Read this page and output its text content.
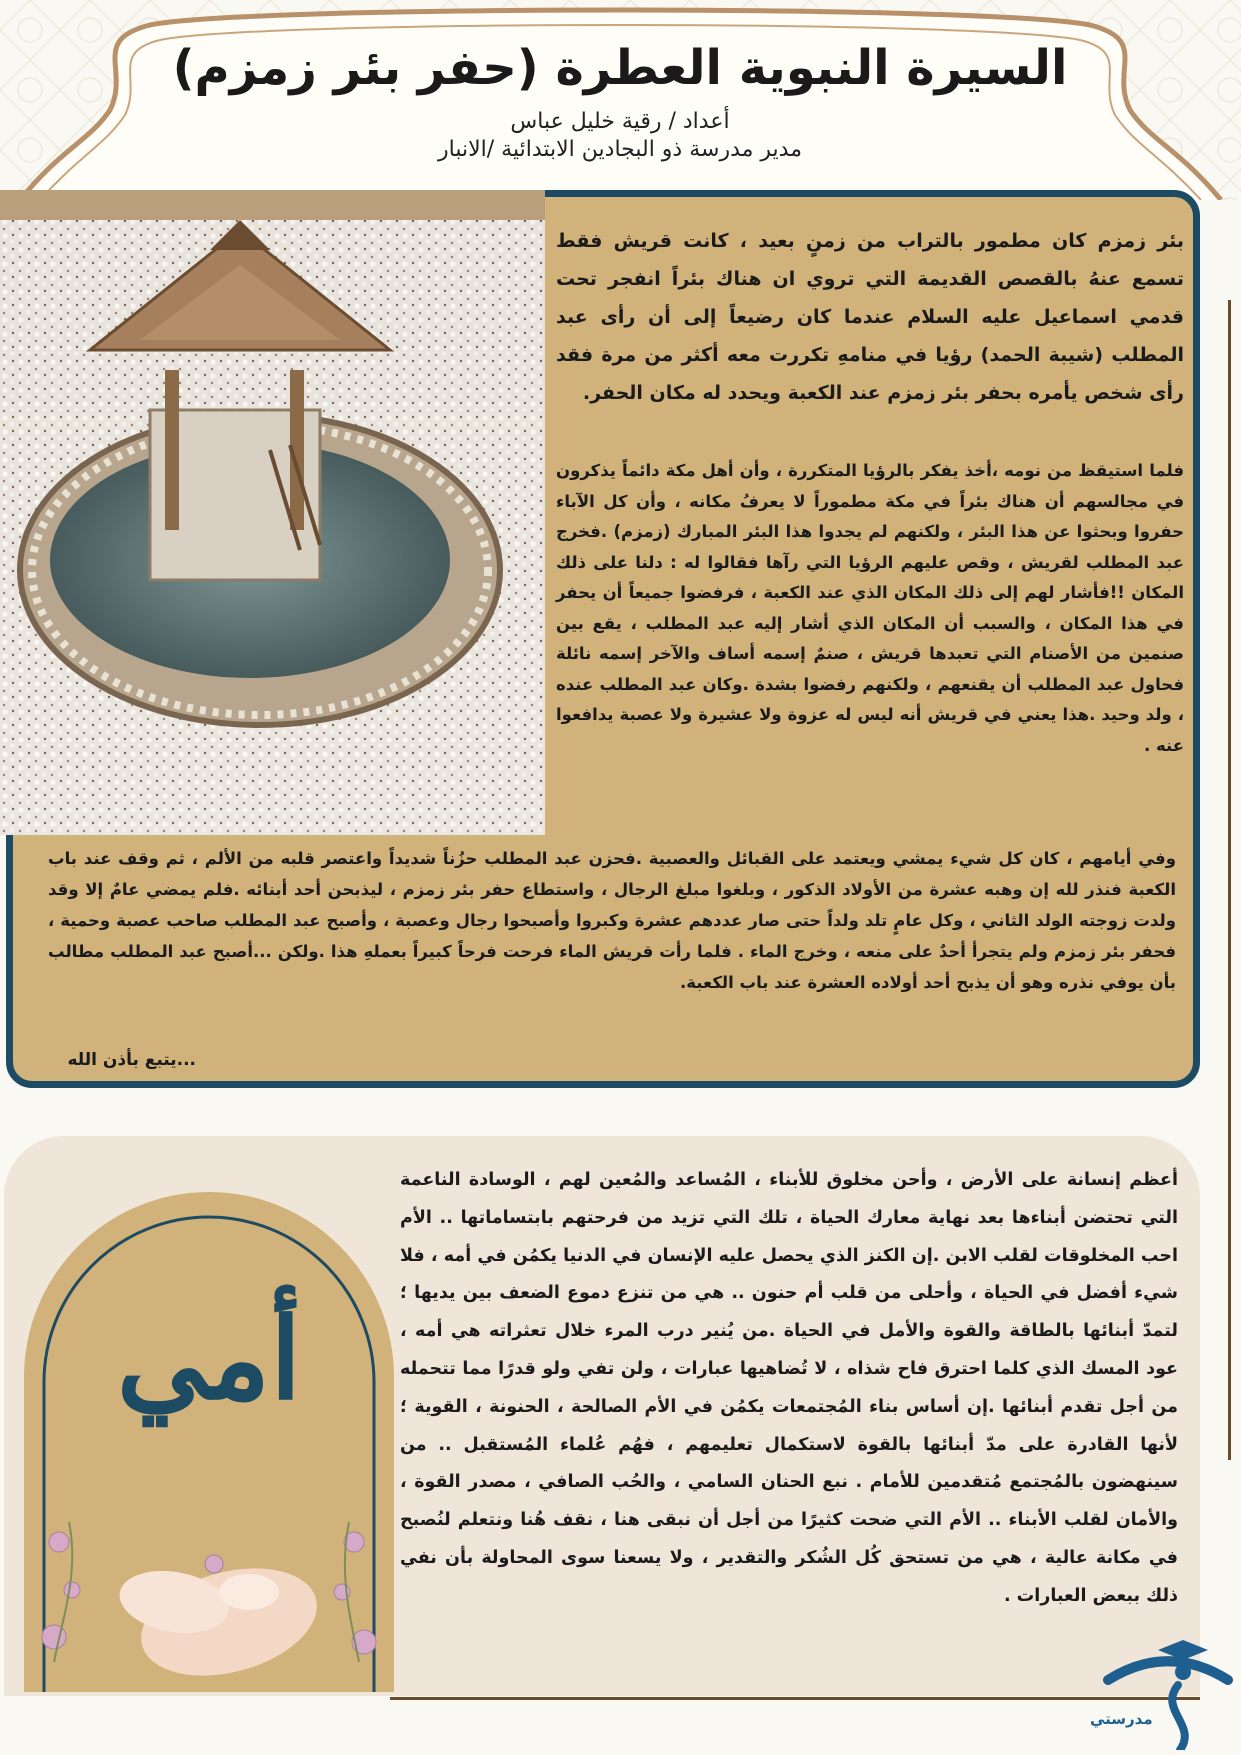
السيرة النبوية العطرة (حفر بئر زمزم)
أعداد / رقية خليل عباس
مدير مدرسة ذو البجادين الابتدائية /الانبار

بئر زمزم كان مطمور بالتراب من زمنٍ بعيد ، كانت قريش فقط تسمع عنهُ بالقصص القديمة التي تروي ان هناك بئراً انفجر تحت قدمي اسماعيل عليه السلام عندما كان رضيعاً إلى أن رأى عبد المطلب (شيبة الحمد) رؤيا في منامهِ تكررت معه أكثر من مرة فقد رأى شخص يأمره بحفر بئر زمزم عند الكعبة ويحدد له مكان الحفر.

فلما استيقظ من نومه ،أخذ يفكر بالرؤيا المتكررة ، وأن أهل مكة دائماً يذكرون في مجالسهم أن هناك بئراً في مكة مطموراً لا يعرفُ مكانه ، وأن كل الآباء حفروا وبحثوا عن هذا البئر ، ولكنهم لم يجدوا هذا البئر المبارك (زمزم) .فخرج عبد المطلب لقريش ، وقص عليهم الرؤيا التي رآها فقالوا له : دلنا على ذلك المكان !!فأشار لهم إلى ذلك المكان الذي عند الكعبة ، فرفضوا جميعاً أن يحفر في هذا المكان ، والسبب أن المكان الذي أشار إليه عبد المطلب ، يقع بين صنمين من الأصنام التي تعبدها قريش ، صنمٌ إسمه أساف والآخر إسمه نائلة فحاول عبد المطلب أن يقنعهم ، ولكنهم رفضوا بشدة .وكان عبد المطلب عنده ، ولد وحيد .هذا يعني في قريش أنه ليس له عزوة ولا عشيرة ولا عصبة يدافعوا عنه .

وفي أيامهم ، كان كل شيء يمشي ويعتمد على القبائل والعصبية .فحزن عبد المطلب حزُناً شديداً واعتصر قلبه من الألم ، ثم وقف عند باب الكعبة فنذر لله إن وهبه عشرة من الأولاد الذكور ، وبلغوا مبلغ الرجال ، واستطاع حفر بئر زمزم ، ليذبحن أحد أبنائه .فلم يمضي عامٌ إلا وقد ولدت زوجته الولد الثاني ، وكل عامٍ تلد ولداً حتى صار عددهم عشرة وكبروا وأصبحوا رجال وعصبة ، وأصبح عبد المطلب صاحب عصبة وحمية ، فحفر بئر زمزم ولم يتجرأ أحدٌ على منعه ، وخرج الماء . فلما رأت قريش الماء فرحت فرحاً كبيراً بعملهِ هذا .ولكن ...أصبح عبد المطلب مطالب بأن يوفي نذره وهو أن يذبح أحد أولاده العشرة عند باب الكعبة.

...يتبع بأذن الله
أمي

أعظم إنسانة على الأرض ، وأحن مخلوق للأبناء ، المُساعد والمُعين لهم ، الوسادة الناعمة التي تحتضن أبناءها بعد نهاية معارك الحياة ، تلك التي تزيد من فرحتهم بابتساماتها .. الأم احب المخلوقات لقلب الابن .إن الكنز الذي يحصل عليه الإنسان في الدنيا يكمُن في أمه ، فلا شيء أفضل في الحياة ، وأحلى من قلب أم حنون .. هي من تنزع دموع الضعف بين يديها ؛ لتمدّ أبنائها بالطاقة والقوة والأمل في الحياة .من يُنير درب المرء خلال تعثراته هي أمه ، عود المسك الذي كلما احترق فاح شذاه ، لا تُضاهيها عبارات ، ولن تفي ولو قدرًا مما تتحمله من أجل تقدم أبنائها .إن أساس بناء المُجتمعات يكمُن في الأم الصالحة ، الحنونة ، القوية ؛ لأنها القادرة على مدّ أبنائها بالقوة لاستكمال تعليمهم ، فهُم عُلماء المُستقبل .. من سينهضون بالمُجتمع مُتقدمين للأمام . نبع الحنان السامي ، والحُب الصافي ، مصدر القوة ، والأمان لقلب الأبناء .. الأم التي ضحت كثيرًا من أجل أن نبقى هنا ، نقف هُنا ونتعلم لنُصبح في مكانة عالية ، هي من تستحق كُل الشُكر والتقدير ، ولا يسعنا سوى المحاولة بأن نفي ذلك ببعض العبارات .

مدرستي
